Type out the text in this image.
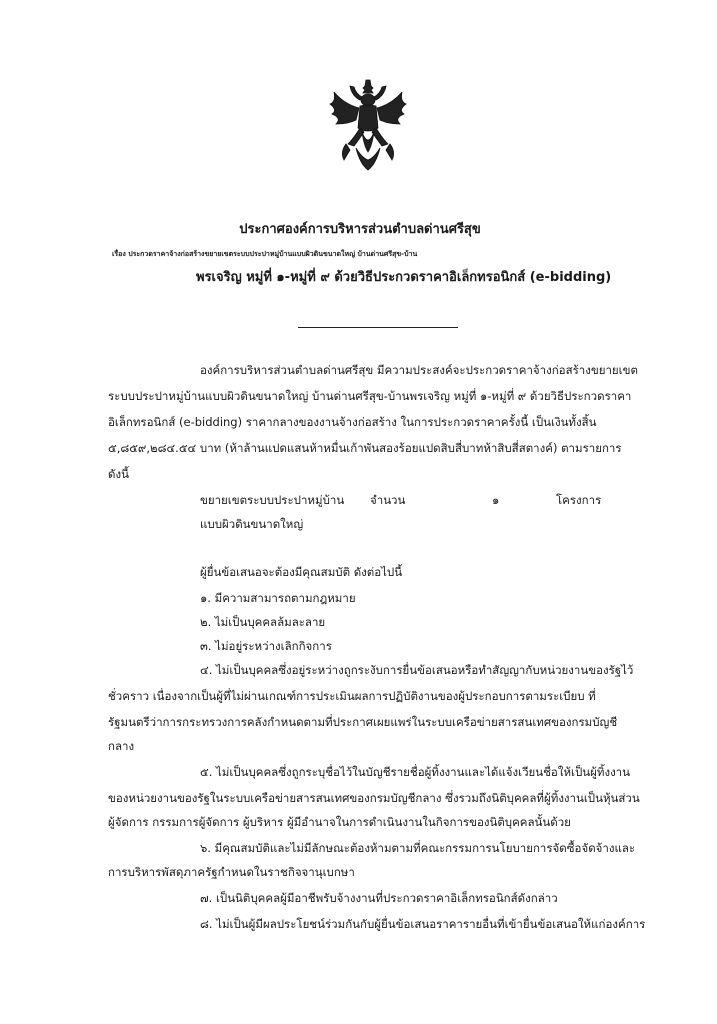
ประกาศองค์การบริหารส่วนตำบลด่านศรีสุข
เรื่อง ประกวดราคาจ้างก่อสร้างขยายเขตระบบประปาหมู่บ้านแบบผิวดินขนาดใหญ่ บ้านด่านศรีสุข-บ้าน
พรเจริญ หมู่ที่ ๑-หมู่ที่ ๙ ด้วยวิธีประกวดราคาอิเล็กทรอนิกส์ (e-bidding)
องค์การบริหารส่วนตำบลด่านศรีสุข มีความประสงค์จะประกวดราคาจ้างก่อสร้างขยายเขต
ระบบประปาหมู่บ้านแบบผิวดินขนาดใหญ่ บ้านด่านศรีสุข-บ้านพรเจริญ หมู่ที่ ๑-หมู่ที่ ๙ ด้วยวิธีประกวดราคา
อิเล็กทรอนิกส์ (e-bidding) ราคากลางของงานจ้างก่อสร้าง ในการประกวดราคาครั้งนี้ เป็นเงินทั้งสิ้น
๕,๘๕๙,๒๘๔.๕๔ บาท (ห้าล้านแปดแสนห้าหมื่นเก้าพันสองร้อยแปดสิบสี่บาทห้าสิบสี่สตางค์) ตามรายการ
ดังนี้
ขยายเขตระบบประปาหมู่บ้าน
แบบผิวดินขนาดใหญ่
จำนวน	๑	โครงการ
ผู้ยื่นข้อเสนอจะต้องมีคุณสมบัติ ดังต่อไปนี้
๑. มีความสามารถตามกฎหมาย
๒. ไม่เป็นบุคคลล้มละลาย
๓. ไม่อยู่ระหว่างเลิกกิจการ
๔. ไม่เป็นบุคคลซึ่งอยู่ระหว่างถูกระงับการยื่นข้อเสนอหรือทำสัญญากับหน่วยงานของรัฐไว้
ชั่วคราว เนื่องจากเป็นผู้ที่ไม่ผ่านเกณฑ์การประเมินผลการปฏิบัติงานของผู้ประกอบการตามระเบียบ ที่
รัฐมนตรีว่าการกระทรวงการคลังกำหนดตามที่ประกาศเผยแพร่ในระบบเครือข่ายสารสนเทศของกรมบัญชี
กลาง
๕. ไม่เป็นบุคคลซึ่งถูกระบุชื่อไว้ในบัญชีรายชื่อผู้ทิ้งงานและได้แจ้งเวียนชื่อให้เป็นผู้ทิ้งงาน
ของหน่วยงานของรัฐในระบบเครือข่ายสารสนเทศของกรมบัญชีกลาง ซึ่งรวมถึงนิติบุคคลที่ผู้ทิ้งงานเป็นหุ้นส่วน
ผู้จัดการ กรรมการผู้จัดการ ผู้บริหาร ผู้มีอำนาจในการดำเนินงานในกิจการของนิติบุคคลนั้นด้วย
๖. มีคุณสมบัติและไม่มีลักษณะต้องห้ามตามที่คณะกรรมการนโยบายการจัดซื้อจัดจ้างและ
การบริหารพัสดุภาครัฐกำหนดในราชกิจจานุเบกษา
๗. เป็นนิติบุคคลผู้มีอาชีพรับจ้างงานที่ประกวดราคาอิเล็กทรอนิกส์ดังกล่าว
๘. ไม่เป็นผู้มีผลประโยชน์ร่วมกันกับผู้ยื่นข้อเสนอราคารายอื่นที่เข้ายื่นข้อเสนอให้แก่องค์การ
